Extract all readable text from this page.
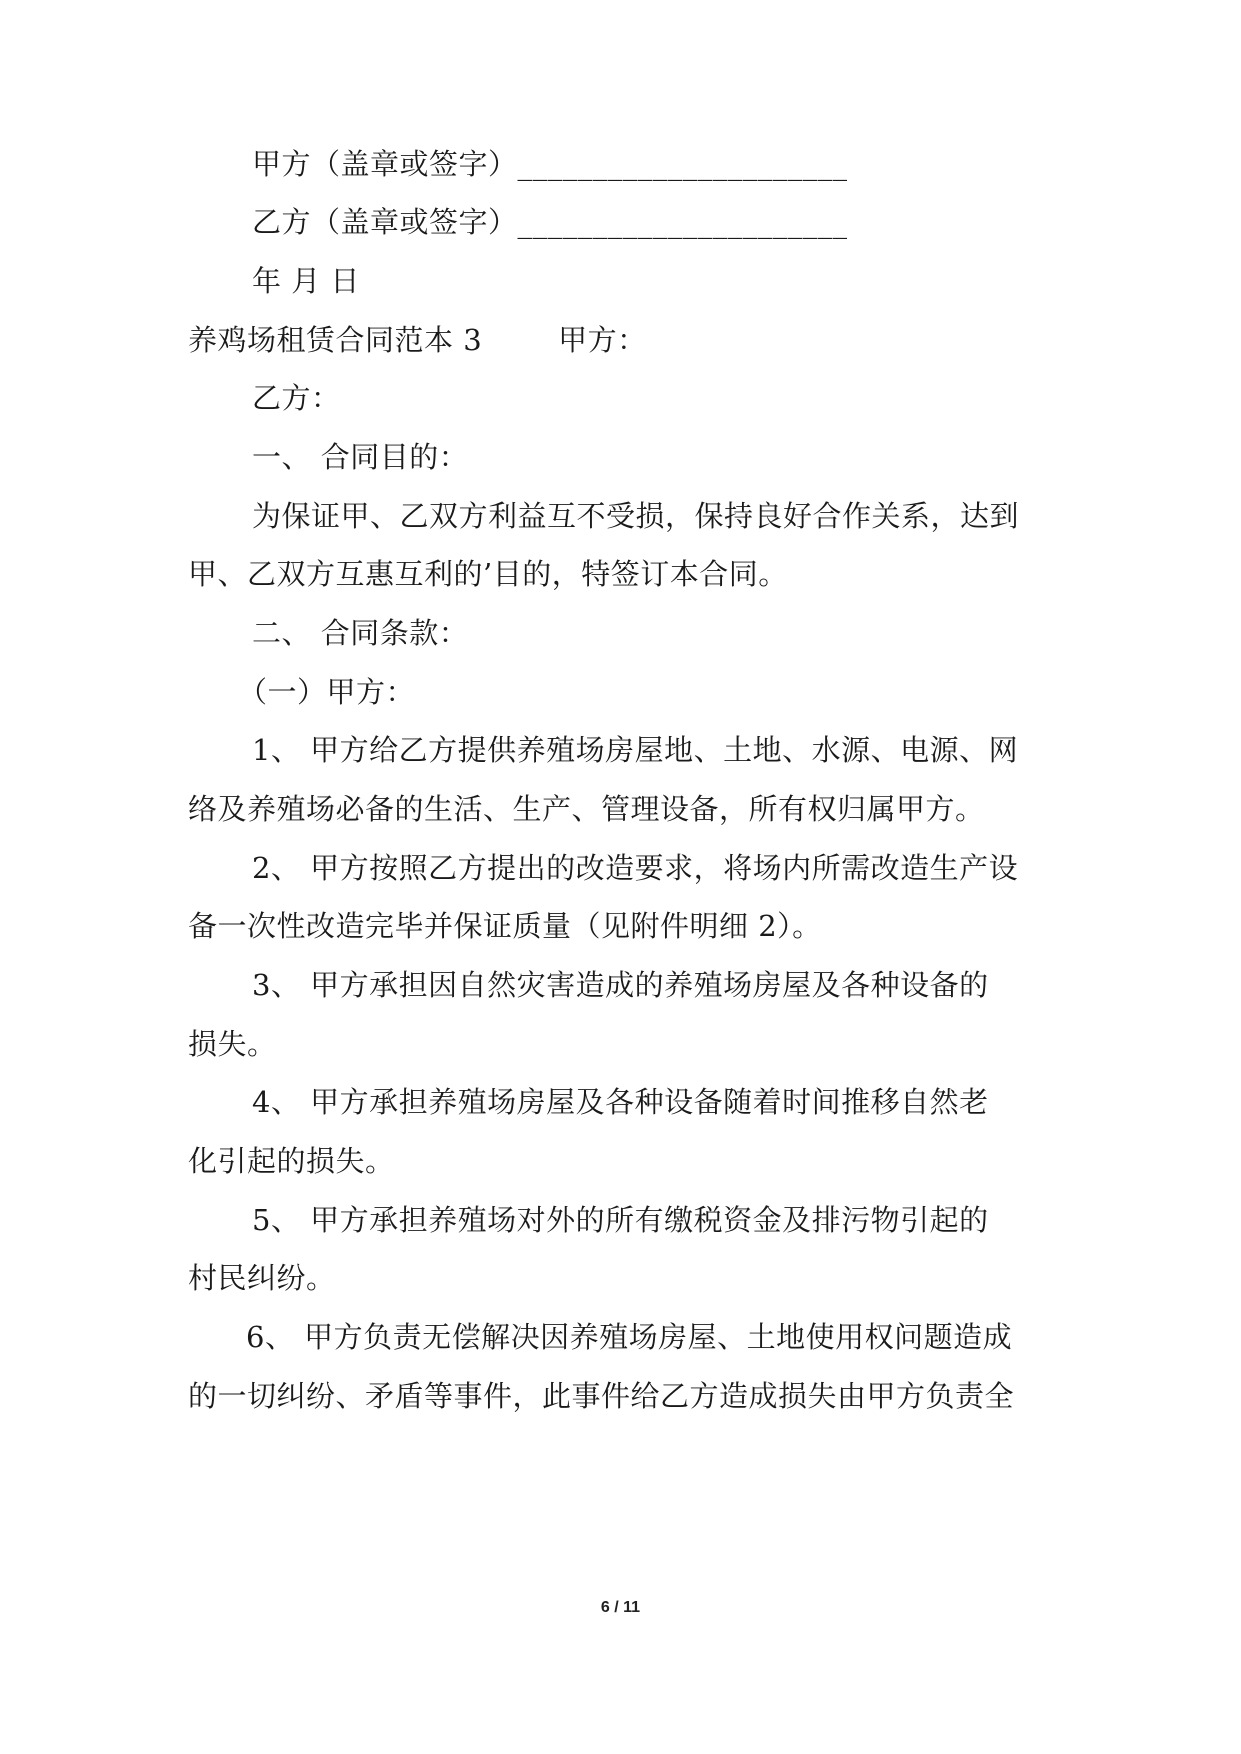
甲方（盖章或签字）______________________
乙方（盖章或签字）______________________
年 月 日
养鸡场租赁合同范本 3	甲方：
乙方：
一、 合同目的：
为保证甲、乙双方利益互不受损，保持良好合作关系，达到
甲、乙双方互惠互利的’目的，特签订本合同。
二、 合同条款：
（一）甲方：
1、 甲方给乙方提供养殖场房屋地、土地、水源、电源、网
络及养殖场必备的生活、生产、管理设备，所有权归属甲方。
2、 甲方按照乙方提出的改造要求，将场内所需改造生产设
备一次性改造完毕并保证质量（见附件明细 2）。
3、 甲方承担因自然灾害造成的养殖场房屋及各种设备的
损失。
4、 甲方承担养殖场房屋及各种设备随着时间推移自然老
化引起的损失。
5、 甲方承担养殖场对外的所有缴税资金及排污物引起的
村民纠纷。
6、 甲方负责无偿解决因养殖场房屋、土地使用权问题造成
的一切纠纷、矛盾等事件，此事件给乙方造成损失由甲方负责全
6 / 11
